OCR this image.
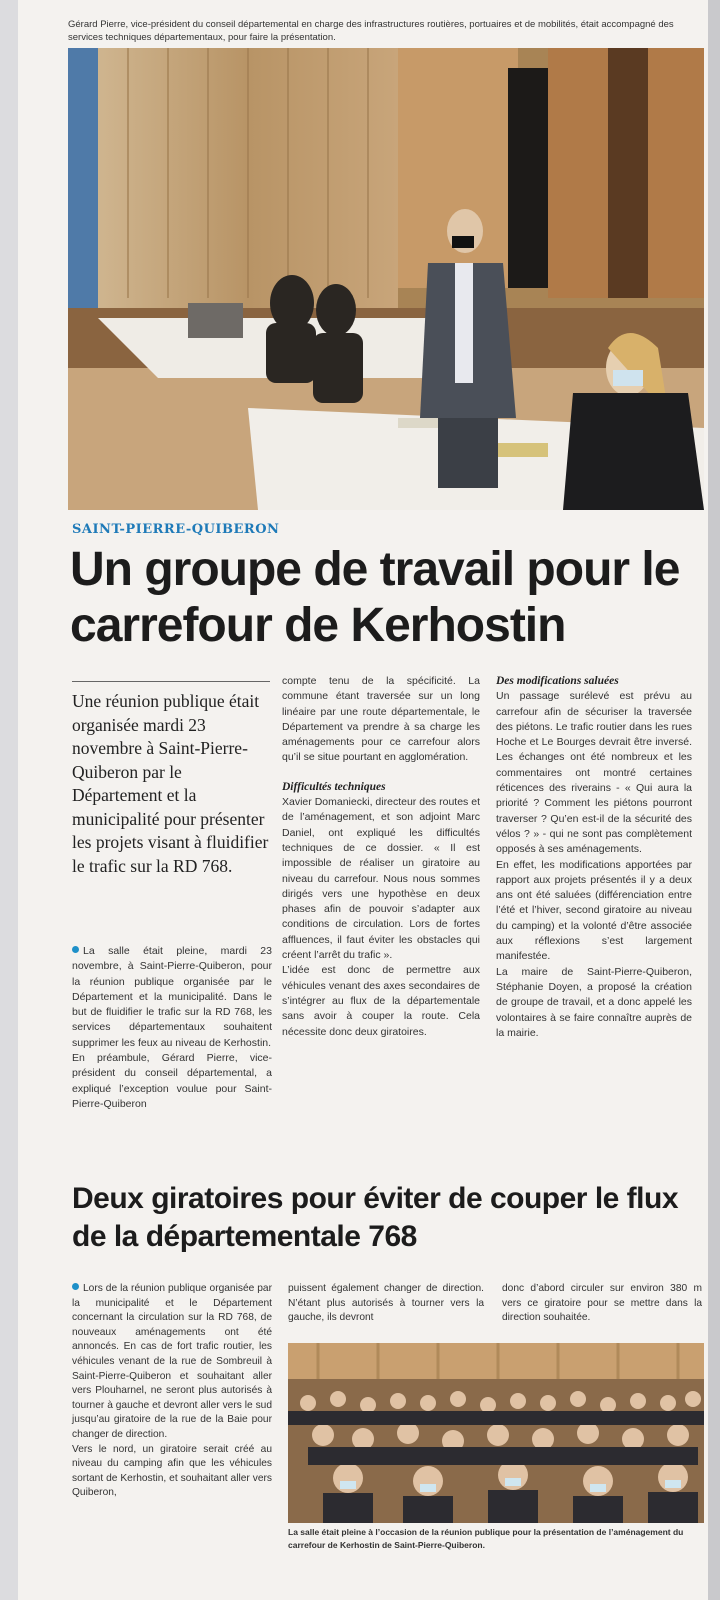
Gérard Pierre, vice-président du conseil départemental en charge des infrastructures routières, portuaires et de mobilités, était accompagné des services techniques départementaux, pour faire la présentation.
SAINT-PIERRE-QUIBERON
Un groupe de travail pour le carrefour de Kerhostin
Une réunion publique était organisée mardi 23 novembre à Saint-Pierre-Quiberon par le Département et la municipalité pour présenter les projets visant à fluidifier le trafic sur la RD 768.

La salle était pleine, mardi 23 novembre, à Saint-Pierre-Quiberon, pour la réunion publique organisée par le Département et la municipalité. Dans le but de fluidifier le trafic sur la RD 768, les services départementaux souhaitent supprimer les feux au niveau de Kerhostin.

En préambule, Gérard Pierre, vice-président du conseil départemental, a expliqué l’exception voulue pour Saint-Pierre-Quiberon

compte tenu de la spécificité. La commune étant traversée sur un long linéaire par une route départementale, le Département va prendre à sa charge les aménagements pour ce carrefour alors qu’il se situe pourtant en agglomération.

Difficultés techniques

Xavier Domaniecki, directeur des routes et de l’aménagement, et son adjoint Marc Daniel, ont expliqué les difficultés techniques de ce dossier. « Il est impossible de réaliser un giratoire au niveau du carrefour. Nous nous sommes dirigés vers une hypothèse en deux phases afin de pouvoir s’adapter aux conditions de circulation. Lors de fortes affluences, il faut éviter les obstacles qui créent l’arrêt du trafic ».

L’idée est donc de permettre aux véhicules venant des axes secondaires de s’intégrer au flux de la départementale sans avoir à couper la route. Cela nécessite donc deux giratoires.

Des modifications saluées

Un passage surélevé est prévu au carrefour afin de sécuriser la traversée des piétons. Le trafic routier dans les rues Hoche et Le Bourges devrait être inversé. Les échanges ont été nombreux et les commentaires ont montré certaines réticences des riverains - « Qui aura la priorité ? Comment les piétons pourront traverser ? Qu’en est-il de la sécurité des vélos ? » - qui ne sont pas complètement opposés à ses aménagements.

En effet, les modifications apportées par rapport aux projets présentés il y a deux ans ont été saluées (différenciation entre l’été et l’hiver, second giratoire au niveau du camping) et la volonté d’être associée aux réflexions s’est largement manifestée.

La maire de Saint-Pierre-Quiberon, Stéphanie Doyen, a proposé la création de groupe de travail, et a donc appelé les volontaires à se faire connaître auprès de la mairie.

Deux giratoires pour éviter de couper le flux de la départementale 768

Lors de la réunion publique organisée par la municipalité et le Département concernant la circulation sur la RD 768, de nouveaux aménagements ont été annoncés. En cas de fort trafic routier, les véhicules venant de la rue de Sombreuil à Saint-Pierre-Quiberon et souhaitant aller vers Plouharnel, ne seront plus autorisés à tourner à gauche et devront aller vers le sud jusqu’au giratoire de la rue de la Baie pour changer de direction.

Vers le nord, un giratoire serait créé au niveau du camping afin que les véhicules sortant de Kerhostin, et souhaitant aller vers Quiberon,

puissent également changer de direction. N’étant plus autorisés à tourner vers la gauche, ils devront

donc d’abord circuler sur environ 380 m vers ce giratoire pour se mettre dans la direction souhaitée.

La salle était pleine à l’occasion de la réunion publique pour la présentation de l’aménagement du carrefour de Kerhostin de Saint-Pierre-Quiberon.
